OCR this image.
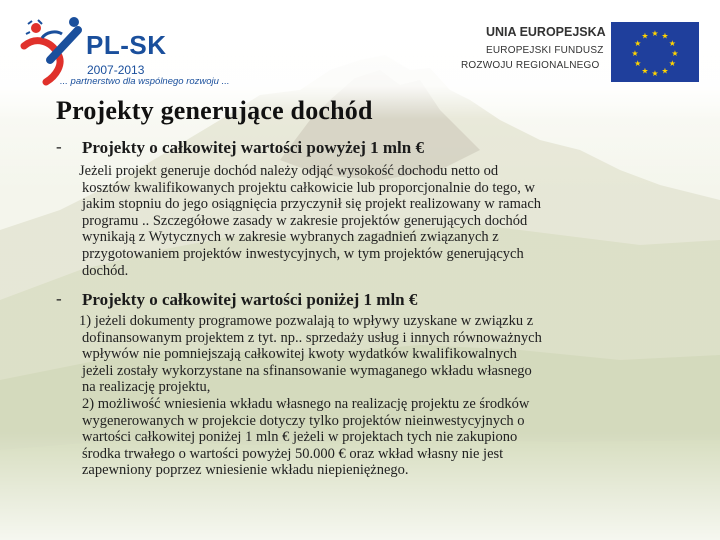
PL-SK
2007-2013
... partnerstwo dla wspólnego rozwoju ...
UNIA EUROPEJSKA
EUROPEJSKI FUNDUSZ
ROZWOJU REGIONALNEGO
★ ★
★
★
★
★
★
★
★
★
★
★
Projekty generujące dochód
- Projekty o całkowitej wartości powyżej 1 mln €
Jeżeli projekt generuje dochód należy odjąć wysokość dochodu netto od
kosztów kwalifikowanych projektu całkowicie lub proporcjonalnie do tego, w
jakim stopniu do jego osiągnięcia przyczynił się projekt realizowany w ramach
programu .. Szczegółowe zasady w zakresie projektów generujących dochód
wynikają z Wytycznych w zakresie wybranych zagadnień związanych z
przygotowaniem projektów inwestycyjnych, w tym projektów generujących
dochód.
- Projekty o całkowitej wartości poniżej 1 mln €
1) jeżeli dokumenty programowe pozwalają to wpływy uzyskane w związku z
dofinansowanym projektem z tyt. np.. sprzedaży usług i innych równoważnych
wpływów nie pomniejszają całkowitej kwoty wydatków kwalifikowalnych
jeżeli zostały wykorzystane na sfinansowanie wymaganego wkładu własnego
na realizację projektu,
2) możliwość wniesienia wkładu własnego na realizację projektu ze środków
wygenerowanych w projekcie dotyczy tylko projektów nieinwestycyjnych o
wartości całkowitej poniżej 1 mln € jeżeli w projektach tych nie zakupiono
środka trwałego o wartości powyżej 50.000 € oraz wkład własny nie jest
zapewniony poprzez wniesienie wkładu niepieniężnego.
